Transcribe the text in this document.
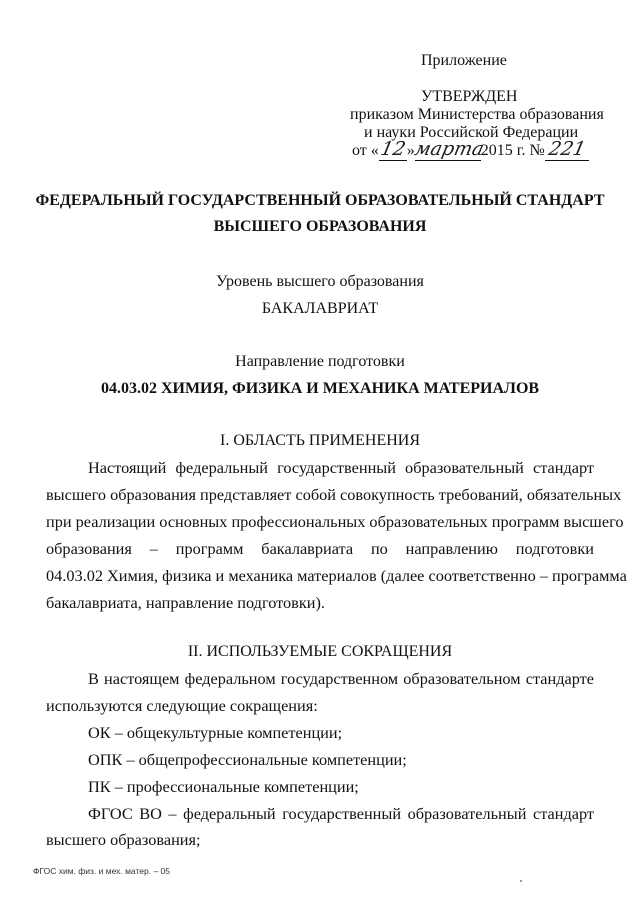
Приложение
УТВЕРЖДЕН
приказом Министерства образования
и науки Российской Федерации
от «12»марта2015 г. №221
ФЕДЕРАЛЬНЫЙ ГОСУДАРСТВЕННЫЙ ОБРАЗОВАТЕЛЬНЫЙ СТАНДАРТ
ВЫСШЕГО ОБРАЗОВАНИЯ
Уровень высшего образования
БАКАЛАВРИАТ
Направление подготовки
04.03.02 ХИМИЯ, ФИЗИКА И МЕХАНИКА МАТЕРИАЛОВ
I. ОБЛАСТЬ ПРИМЕНЕНИЯ
Настоящий федеральный государственный образовательный стандарт
высшего образования представляет собой совокупность требований, обязательных
при реализации основных профессиональных образовательных программ высшего
образования – программ бакалавриата по направлению подготовки
04.03.02 Химия, физика и механика материалов (далее соответственно – программа
бакалавриата, направление подготовки).
II. ИСПОЛЬЗУЕМЫЕ СОКРАЩЕНИЯ
В настоящем федеральном государственном образовательном стандарте
используются следующие сокращения:
ОК – общекультурные компетенции;
ОПК – общепрофессиональные компетенции;
ПК – профессиональные компетенции;
ФГОС ВО – федеральный государственный образовательный стандарт
высшего образования;
ФГОС хим. физ. и мех. матер. – 05
